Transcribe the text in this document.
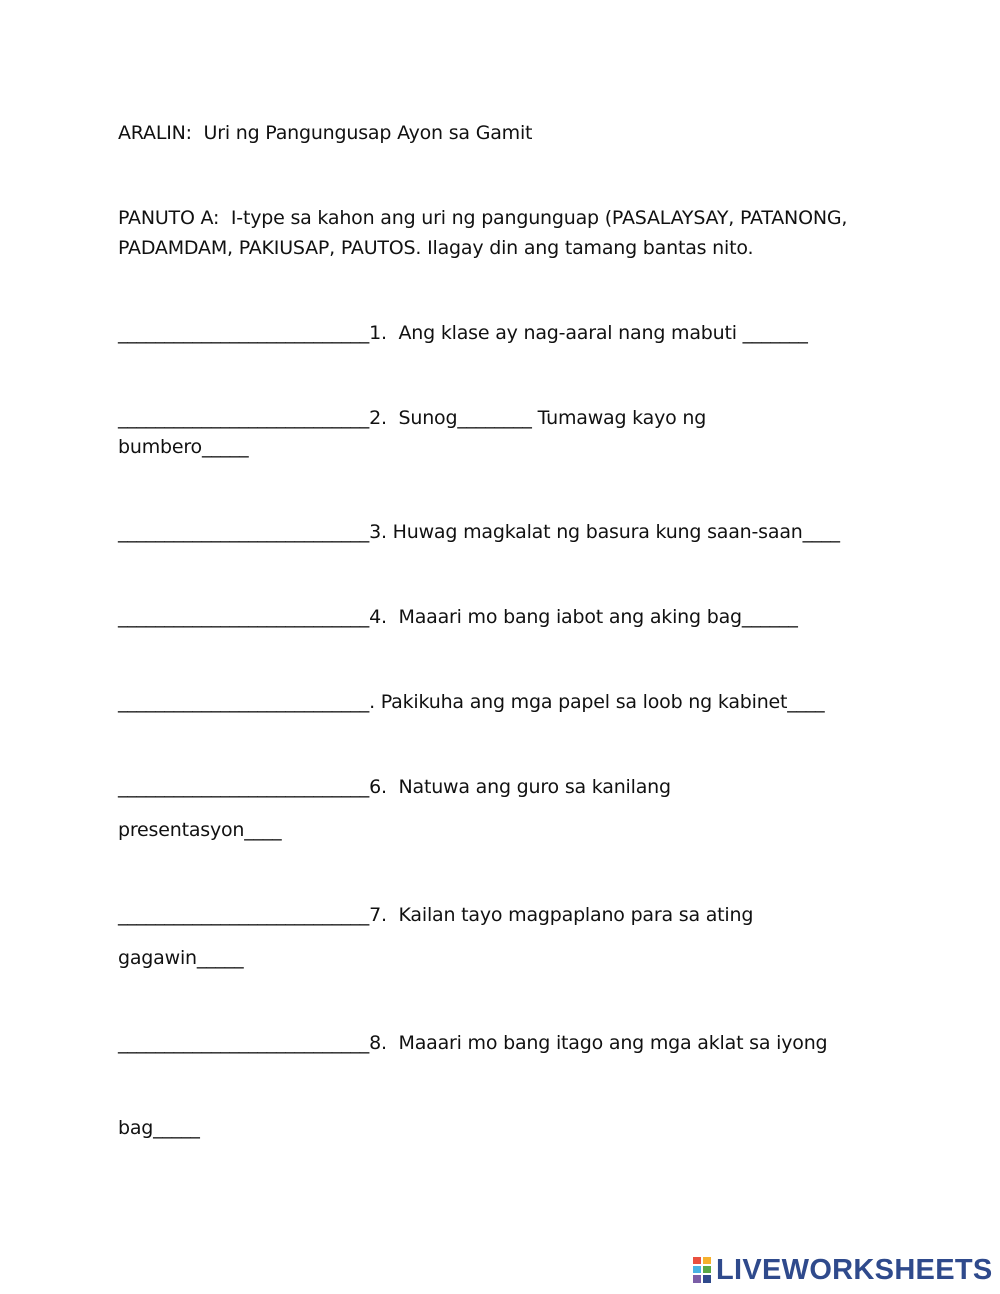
ARALIN:  Uri ng Pangungusap Ayon sa Gamit
PANUTO A:  I-type sa kahon ang uri ng pangunguap (PASALAYSAY, PATANONG,
PADAMDAM, PAKIUSAP, PAUTOS. Ilagay din ang tamang bantas nito.
___________________________1.  Ang klase ay nag-aaral nang mabuti _______
___________________________2.  Sunog________ Tumawag kayo ng
bumbero_____
___________________________3. Huwag magkalat ng basura kung saan-saan____
___________________________4.  Maaari mo bang iabot ang aking bag______
___________________________. Pakikuha ang mga papel sa loob ng kabinet____
___________________________6.  Natuwa ang guro sa kanilang
presentasyon____
___________________________7.  Kailan tayo magpaplano para sa ating
gagawin_____
___________________________8.  Maaari mo bang itago ang mga aklat sa iyong
bag_____
LIVEWORKSHEETS
